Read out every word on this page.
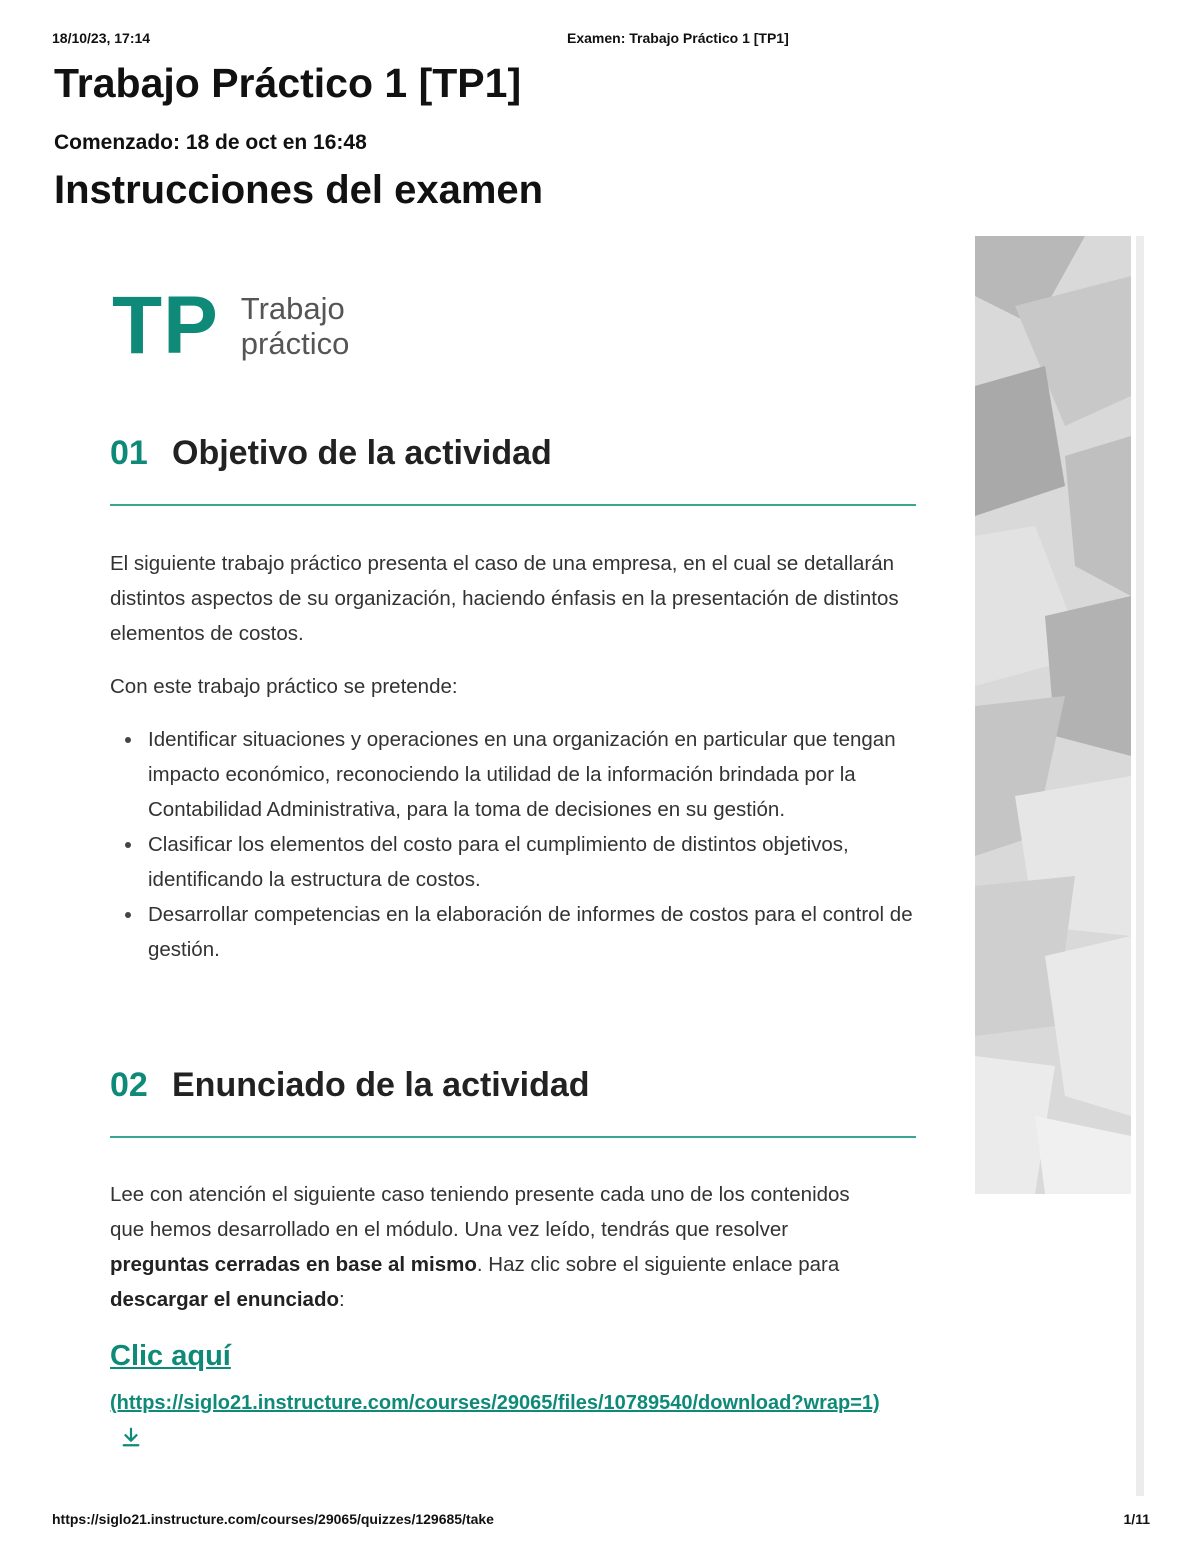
18/10/23, 17:14	Examen: Trabajo Práctico 1 [TP1]
Trabajo Práctico 1 [TP1]
Comenzado: 18 de oct en 16:48
Instrucciones del examen
TP Trabajo
práctico
01 Objetivo de la actividad

El siguiente trabajo práctico presenta el caso de una empresa, en el cual se detallarán distintos aspectos de su organización, haciendo énfasis en la presentación de distintos elementos de costos.

Con este trabajo práctico se pretende:

Identificar situaciones y operaciones en una organización en particular que tengan impacto económico, reconociendo la utilidad de la información brindada por la Contabilidad Administrativa, para la toma de decisiones en su gestión.
Clasificar los elementos del costo para el cumplimiento de distintos objetivos, identificando la estructura de costos.
Desarrollar competencias en la elaboración de informes de costos para el control de gestión.
02 Enunciado de la actividad

Lee con atención el siguiente caso teniendo presente cada uno de los contenidos que hemos desarrollado en el módulo. Una vez leído, tendrás que resolver preguntas cerradas en base al mismo. Haz clic sobre el siguiente enlace para descargar el enunciado:

Clic aquí
(https://siglo21.instructure.com/courses/29065/files/10789540/download?wrap=1)
https://siglo21.instructure.com/courses/29065/quizzes/129685/take	1/11
